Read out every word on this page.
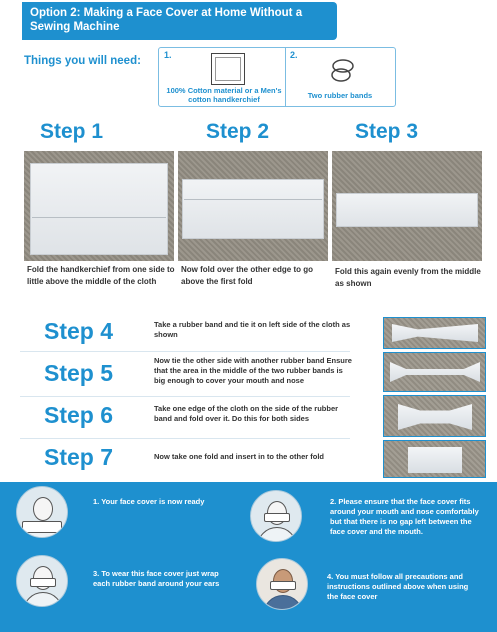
Option 2: Making a Face Cover at Home Without a Sewing Machine
Things you will need:	1.
100% Cotton material or a Men's cotton handkerchief
2.
Two rubber bands
Step 1	Step 2	Step 3
Fold the handkerchief from one side to little above the middle of the cloth
Now fold over the other edge to go above the first fold
Fold this again evenly from the middle as shown
Step 4	Take a rubber band and tie it on left side of the cloth as shown
Step 5	Now tie the other side with another rubber band Ensure that the area in the middle of the two rubber bands is big enough to cover your mouth and nose
Step 6	Take one edge of the cloth on the side of the rubber band and fold over it. Do this for both sides
Step 7	Now take one fold and insert in to the other fold
1. Your face cover is now ready	2. Please ensure that the face cover fits around your mouth and nose comfortably but that there is no gap left between the face cover and the mouth.
3. To wear this face cover just wrap each rubber band around your ears
4. You must follow all precautions and instructions outlined above when using the face cover
